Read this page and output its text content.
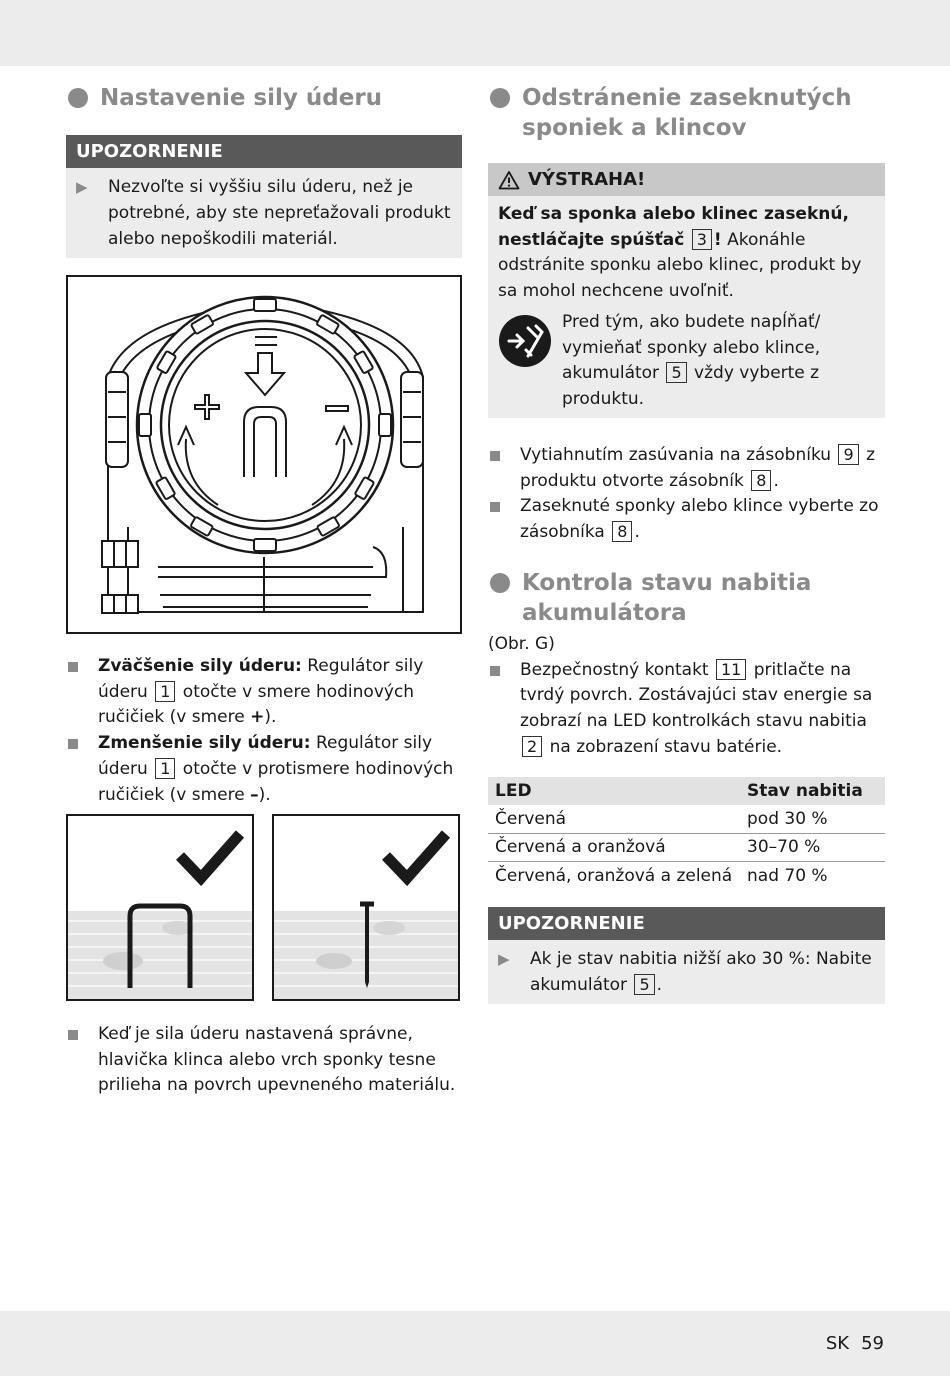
Nastavenie sily úderu
UPOZORNENIE
▶	Nezvoľte si vyššiu silu úderu, než je potrebné, aby ste nepreťažovali produkt alebo nepoškodili materiál.
Zväčšenie sily úderu: Regulátor sily úderu 1 otočte v smere hodinových ručičiek (v smere +).
Zmenšenie sily úderu: Regulátor sily úderu 1 otočte v protismere hodinových ručičiek (v smere –).
Keď je sila úderu nastavená správne, hlavička klinca alebo vrch sponky tesne prilieha na povrch upevneného materiálu.
Odstránenie zaseknutých sponiek a klincov
VÝSTRAHA!
Keď sa sponka alebo klinec zaseknú, nestláčajte spúšťač 3 ! Akonáhle odstránite sponku alebo klinec, produkt by sa mohol nechcene uvoľniť.
Pred tým, ako budete napĺňať/ vymieňať sponky alebo klince, akumulátor 5 vždy vyberte z produktu.
Vytiahnutím zasúvania na zásobníku 9 z produktu otvorte zásobník 8 .
Zaseknuté sponky alebo klince vyberte zo zásobníka 8 .
Kontrola stavu nabitia akumulátora
(Obr. G)
Bezpečnostný kontakt 11 pritlačte na tvrdý povrch. Zostávajúci stav energie sa zobrazí na LED kontrolkách stavu nabitia 2 na zobrazení stavu batérie.
LED	Stav nabitia
Červená	pod 30 %
Červená a oranžová	30–70 %
Červená, oranžová a zelená	nad 70 %
UPOZORNENIE
▶	Ak je stav nabitia nižší ako 30 %: Nabite akumulátor 5 .
SK 59
